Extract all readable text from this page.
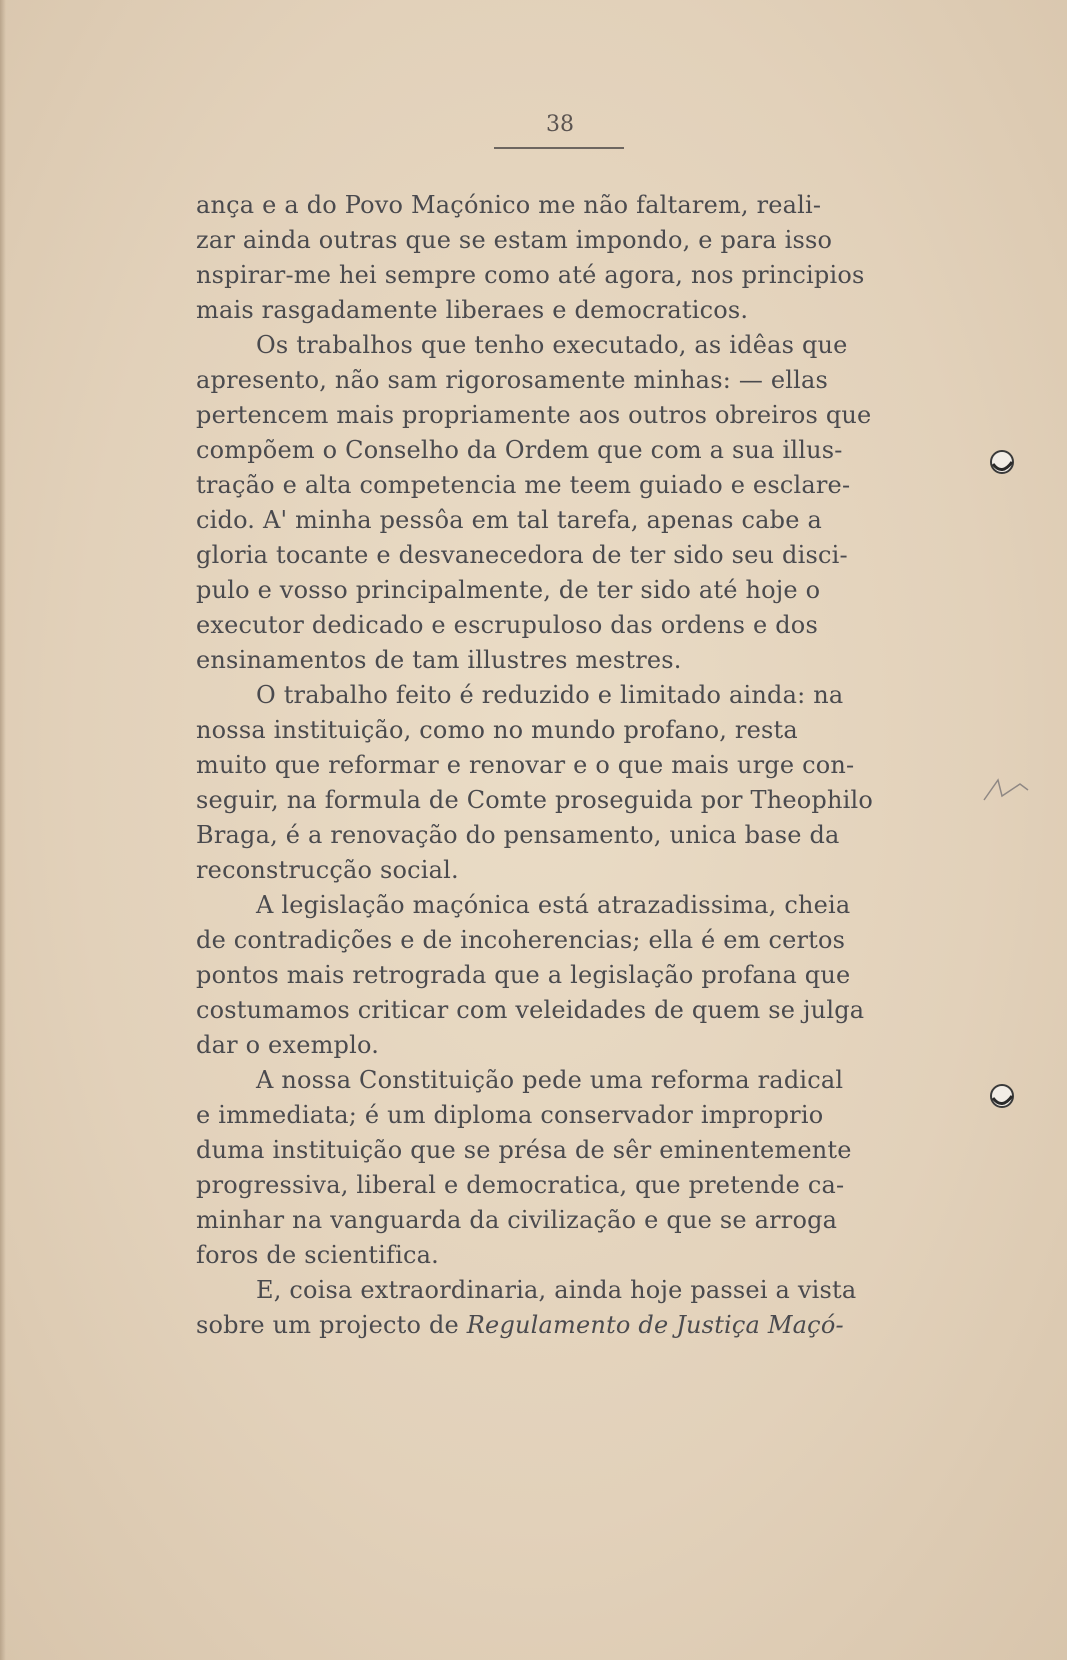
38
ança e a do Povo Maçónico me não faltarem, reali-
zar ainda outras que se estam impondo, e para isso
nspirar-me hei sempre como até agora, nos principios
mais rasgadamente liberaes e democraticos.
Os trabalhos que tenho executado, as idêas que
apresento, não sam rigorosamente minhas: — ellas
pertencem mais propriamente aos outros obreiros que
compõem o Conselho da Ordem que com a sua illus-
tração e alta competencia me teem guiado e esclare-
cido. A' minha pessôa em tal tarefa, apenas cabe a
gloria tocante e desvanecedora de ter sido seu disci-
pulo e vosso principalmente, de ter sido até hoje o
executor dedicado e escrupuloso das ordens e dos
ensinamentos de tam illustres mestres.
O trabalho feito é reduzido e limitado ainda: na
nossa instituição, como no mundo profano, resta
muito que reformar e renovar e o que mais urge con-
seguir, na formula de Comte proseguida por Theophilo
Braga, é a renovação do pensamento, unica base da
reconstrucção social.
A legislação maçónica está atrazadissima, cheia
de contradições e de incoherencias; ella é em certos
pontos mais retrograda que a legislação profana que
costumamos criticar com veleidades de quem se julga
dar o exemplo.
A nossa Constituição pede uma reforma radical
e immediata; é um diploma conservador improprio
duma instituição que se présa de sêr eminentemente
progressiva, liberal e democratica, que pretende ca-
minhar na vanguarda da civilização e que se arroga
foros de scientifica.
E, coisa extraordinaria, ainda hoje passei a vista
sobre um projecto de
Regulamento de Justiça Maçó-
